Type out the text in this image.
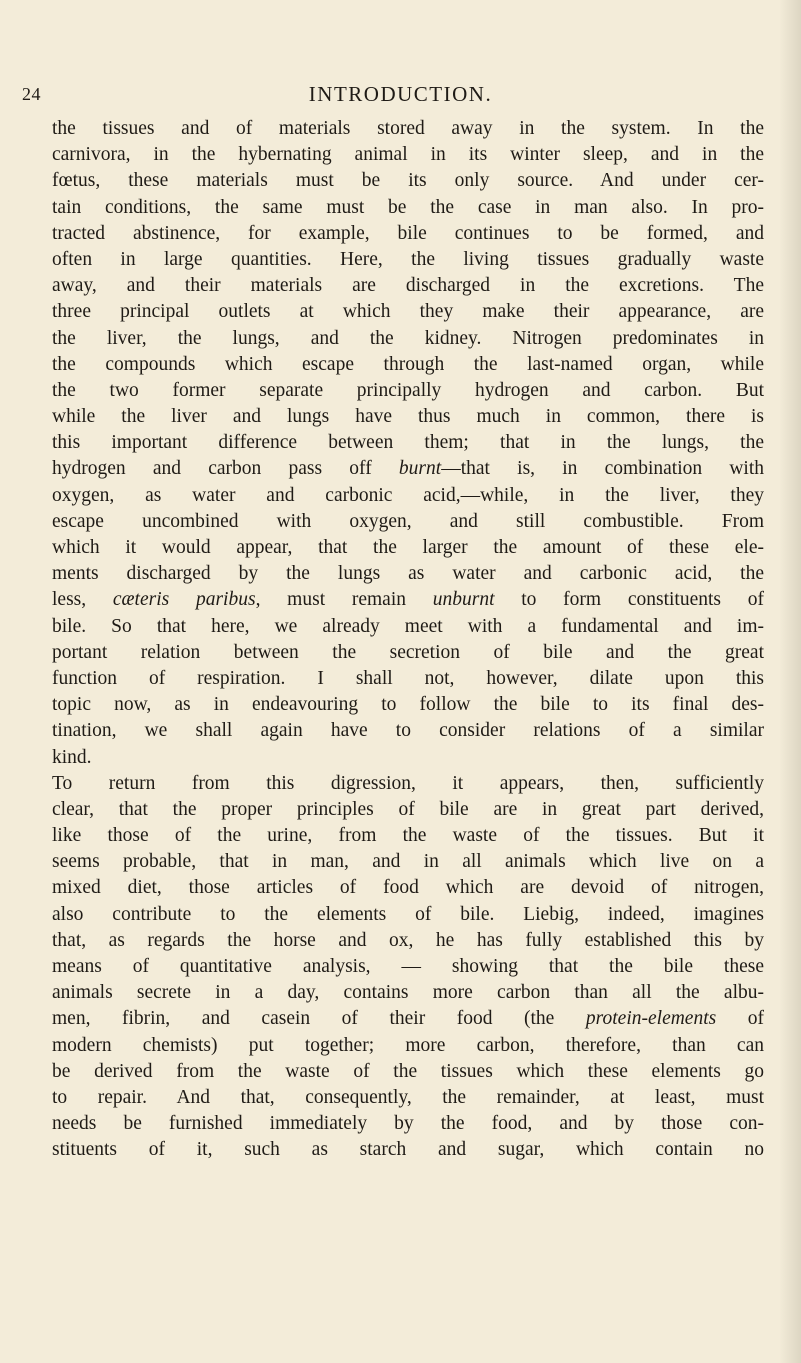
24	INTRODUCTION.
the tissues and of materials stored away in the system. In the
carnivora, in the hybernating animal in its winter sleep, and in the
fœtus, these materials must be its only source. And under cer-
tain conditions, the same must be the case in man also. In pro-
tracted abstinence, for example, bile continues to be formed, and
often in large quantities. Here, the living tissues gradually waste
away, and their materials are discharged in the excretions. The
three principal outlets at which they make their appearance, are
the liver, the lungs, and the kidney. Nitrogen predominates in
the compounds which escape through the last-named organ, while
the two former separate principally hydrogen and carbon. But
while the liver and lungs have thus much in common, there is
this important difference between them; that in the lungs, the
hydrogen and carbon pass off burnt—that is, in combination with
oxygen, as water and carbonic acid,—while, in the liver, they
escape uncombined with oxygen, and still combustible. From
which it would appear, that the larger the amount of these ele-
ments discharged by the lungs as water and carbonic acid, the
less, cæteris paribus, must remain unburnt to form constituents of
bile. So that here, we already meet with a fundamental and im-
portant relation between the secretion of bile and the great
function of respiration. I shall not, however, dilate upon this
topic now, as in endeavouring to follow the bile to its final des-
tination, we shall again have to consider relations of a similar
kind.
To return from this digression, it appears, then, sufficiently
clear, that the proper principles of bile are in great part derived,
like those of the urine, from the waste of the tissues. But it
seems probable, that in man, and in all animals which live on a
mixed diet, those articles of food which are devoid of nitrogen,
also contribute to the elements of bile. Liebig, indeed, imagines
that, as regards the horse and ox, he has fully established this by
means of quantitative analysis, — showing that the bile these
animals secrete in a day, contains more carbon than all the albu-
men, fibrin, and casein of their food (the protein-elements of
modern chemists) put together; more carbon, therefore, than can
be derived from the waste of the tissues which these elements go
to repair. And that, consequently, the remainder, at least, must
needs be furnished immediately by the food, and by those con-
stituents of it, such as starch and sugar, which contain no
